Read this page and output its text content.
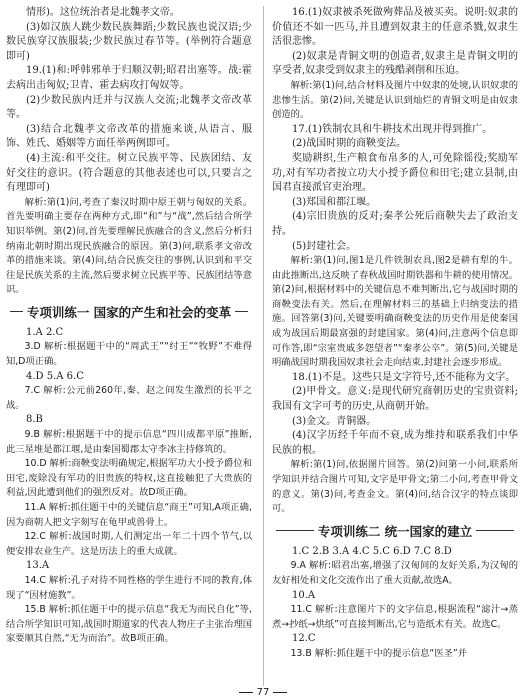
情形)。这位统治者是北魏孝文帝。

(3)如汉族人跳少数民族舞蹈;少数民族也说汉语;少数民族穿汉族服装;少数民族过春节等。(举例符合题意即可)

19.(1)和:呼韩邪单于归顺汉朝;昭君出塞等。战:霍去病出击匈奴;卫青、霍去病攻打匈奴等。

(2)少数民族内迁并与汉族人交流;北魏孝文帝改革等。

(3)结合北魏孝文帝改革的措施来谈,从语言、服饰、姓氏、婚姻等方面任举两例即可。

(4)主流:和平交往。树立民族平等、民族团结、友好交往的意识。(符合题意的其他表述也可以,只要言之有理即可)

解析:第(1)问,考查了秦汉时期中原王朝与匈奴的关系。首先要明确主要存在两种方式,即“和”与“战”,然后结合所学知识举例。第(2)问,首先要理解民族融合的含义,然后分析归纳南北朝时期出现民族融合的原因。第(3)问,联系孝文帝改革的措施来谈。第(4)问,结合民族交往的事例,认识到和平交往是民族关系的主流,然后要求树立民族平等、民族团结等意识。

专项训练一 国家的产生和社会的变革

1.A 2.C

3.D 解析:根据题干中的“周武王”“纣王”“牧野”不难得知,D项正确。

4.D 5.A 6.C

7.C 解析:公元前260年,秦、赵之间发生激烈的长平之战。

8.B

9.B 解析:根据题干中的提示信息“四川成都平原”推断,此三星堆是都江堰,是由秦国蜀郡太守李冰主持修筑的。

10.D 解析:商鞅变法明确规定,根据军功大小授予爵位和田宅,废除没有军功的旧贵族的特权,这直接触犯了大贵族的利益,因此遭到他们的强烈反对。故D项正确。

11.A 解析:抓住题干中的关键信息“商王”可知,A项正确,因为商朝人把文字刻写在龟甲或兽骨上。

12.C 解析:战国时期,人们测定出一年二十四个节气,以便安排农业生产。这是历法上的重大成就。

13.A

14.C 解析:孔子对待不同性格的学生进行不同的教育,体现了“因材施教”。

15.B 解析:抓住题干中的提示信息“我无为而民自化”等,结合所学知识可知,战国时期道家的代表人物庄子主张治理国家要顺其自然,“无为而治”。故B项正确。

16.(1)奴隶被杀死做殉葬品及被买卖。说明:奴隶的价值还不如一匹马,并且遭到奴隶主的任意杀戮,奴隶生活很悲惨。

(2)奴隶是青铜文明的创造者,奴隶主是青铜文明的享受者,奴隶受到奴隶主的残酷剥削和压迫。

解析:第(1)问,结合材料及图片中奴隶的处境,认识奴隶的悲惨生活。第(2)问,关键是认识到灿烂的青铜文明是由奴隶创造的。

17.(1)铁制农具和牛耕技术出现并得到推广。

(2)战国时期的商鞅变法。

奖励耕织,生产粮食布帛多的人,可免除徭役;奖励军功,对有军功者按立功大小授予爵位和田宅;建立县制,由国君直接派官吏治理。

(3)郑国和都江堰。

(4)宗旧贵族的反对;秦孝公死后商鞅失去了政治支持。

(5)封建社会。

解析:第(1)问,图1是几件铁制农具,图2是耕有犁的牛。由此推断出,这反映了春秋战国时期铁器和牛耕的使用情况。第(2)问,根据材料中的关键信息不难判断出,它与战国时期的商鞅变法有关。然后,在理解材料三的基础上归纳变法的措施。回答第(3)问,关键要明确商鞅变法的历史作用是使秦国成为战国后期最富强的封建国家。第(4)问,注意两个信息即可作答,即“宗室贵戚多怨望者”“秦孝公卒”。第(5)问,关键是明确战国时期我国奴隶社会走向结束,封建社会逐步形成。

18.(1)不是。这些只是文字符号,还不能称为文字。

(2)甲骨文。意义:是现代研究商朝历史的宝贵资料;我国有文字可考的历史,从商朝开始。

(3)金文。青铜器。

(4)汉字历经千年而不衰,成为维持和联系我们中华民族的根。

解析:第(1)问,依据图片回答。第(2)问第一小问,联系所学知识并结合图片可知,文字是甲骨文;第二小问,考查甲骨文的意义。第(3)问,考查金文。第(4)问,结合汉字的特点谈即可。

专项训练二 统一国家的建立

1.C 2.B 3.A 4.C 5.C 6.D 7.C 8.D

9.A 解析:昭君出塞,增强了汉匈间的友好关系,为汉匈的友好相处和文化交流作出了重大贡献,故选A。

10.A

11.C 解析:注意图片下的文字信息,根据流程“滤汁→蒸煮→抄纸→烘纸”可直接判断出,它与造纸术有关。故选C。

12.C

13.B 解析:抓住题干中的提示信息“医圣”并

77
